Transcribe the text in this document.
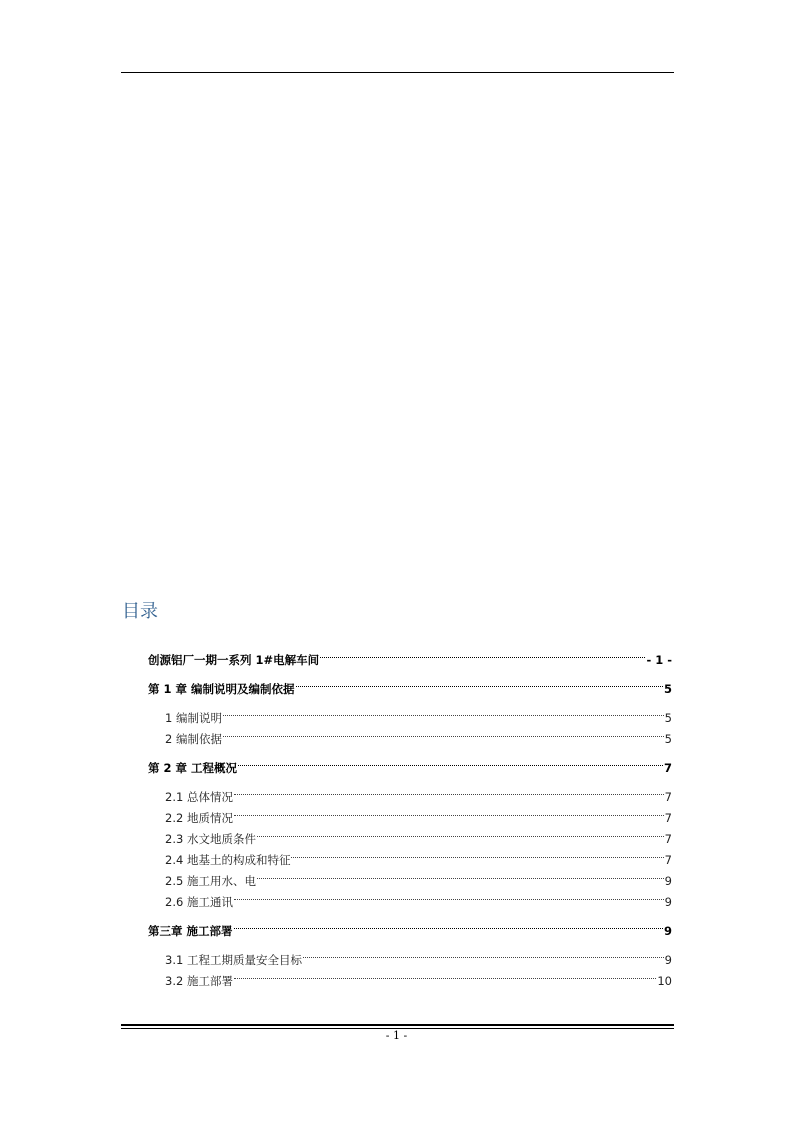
目录
创源铝厂一期一系列 1#电解车间	- 1 -
第 1 章 编制说明及编制依据	5
1 编制说明	5
2 编制依据	5
第 2 章 工程概况	7
2.1 总体情况	7
2.2 地质情况	7
2.3 水文地质条件	7
2.4 地基土的构成和特征	7
2.5 施工用水、电	9
2.6 施工通讯	9
第三章 施工部署	9
3.1 工程工期质量安全目标	9
3.2 施工部署	10
- 1 -
